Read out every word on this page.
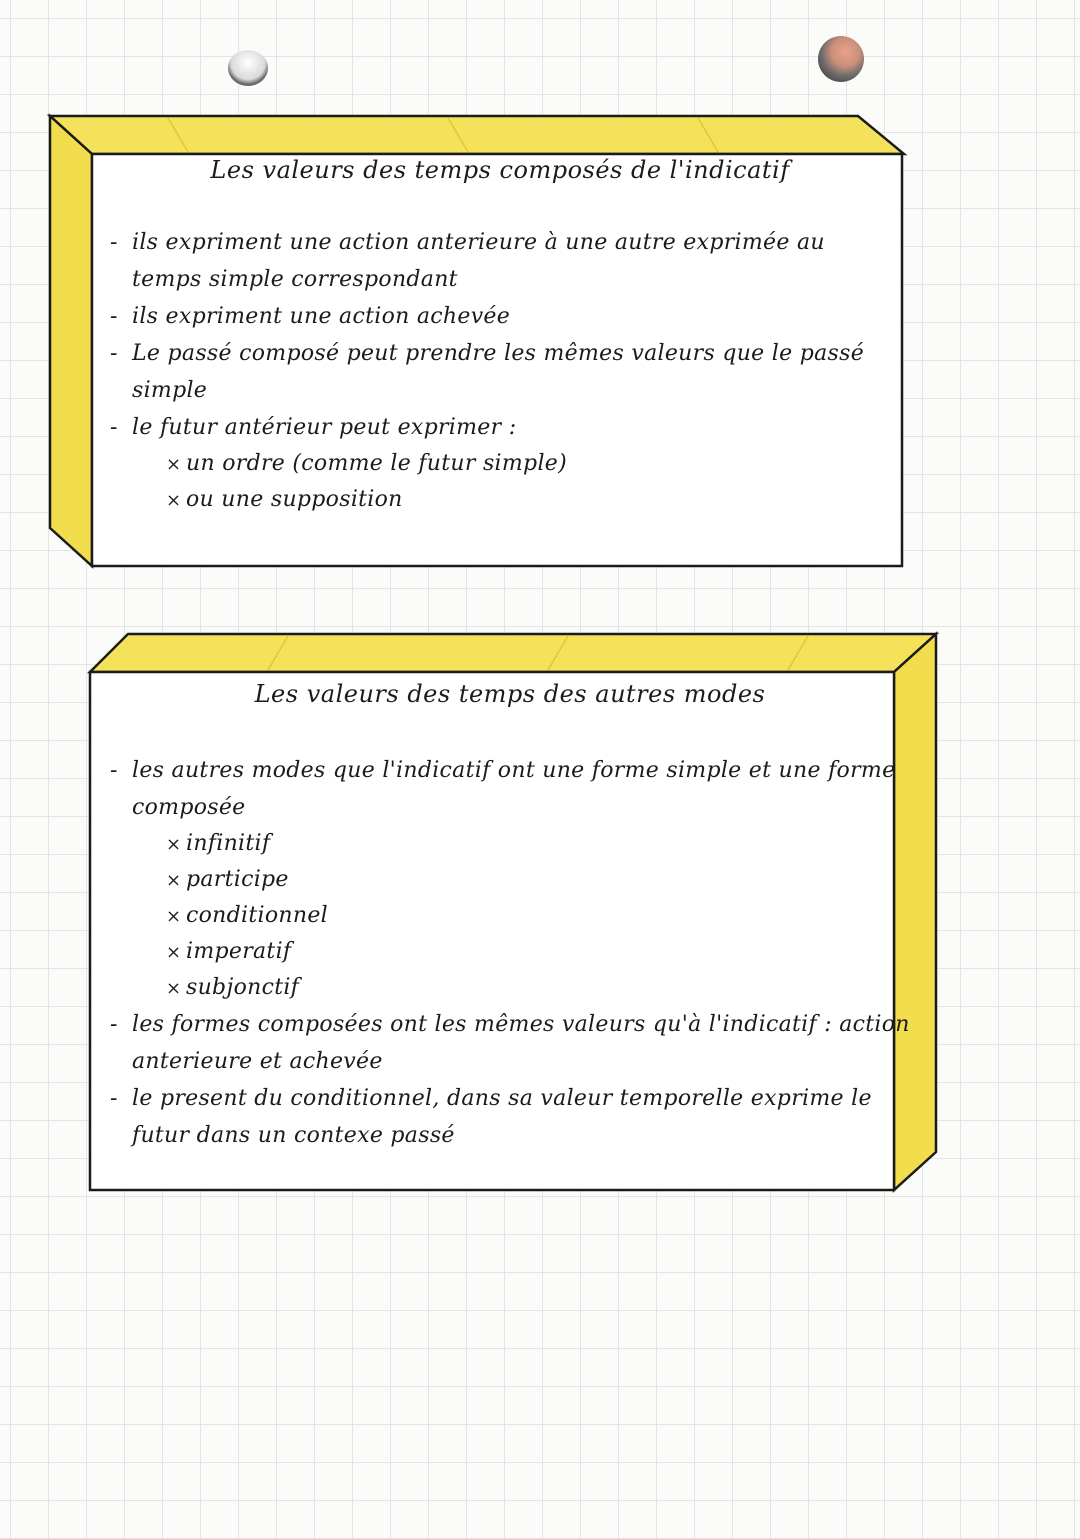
Les valeurs des temps composés de l'indicatif

- ils expriment une action anterieure à une autre exprimée au temps simple correspondant

- ils expriment une action achevée

- Le passé composé peut prendre les mêmes valeurs que le passé simple

- le futur antérieur peut exprimer :

× un ordre (comme le futur simple)

× ou une supposition

Les valeurs des temps des autres modes

- les autres modes que l'indicatif ont une forme simple et une forme composée

× infinitif

× participe

× conditionnel

× imperatif

× subjonctif

- les formes composées ont les mêmes valeurs qu'à l'indicatif : action anterieure et achevée

- le present du conditionnel, dans sa valeur temporelle exprime le futur dans un contexe passé
